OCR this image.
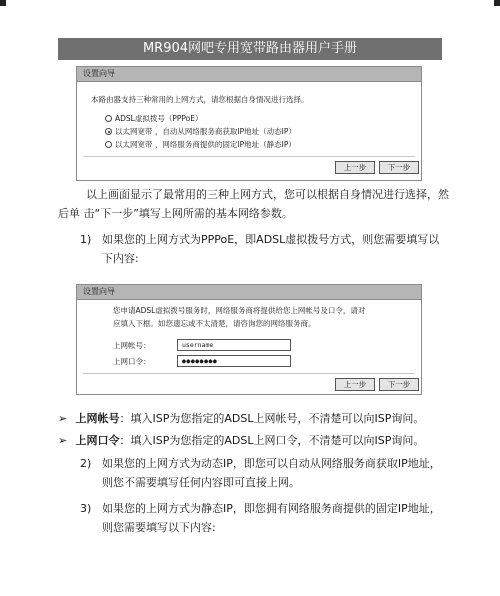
MR904网吧专用宽带路由器用户手册
设置向导
本路由器支持三种常用的上网方式，请您根据自身情况进行选择。
ADSL虚拟拨号（PPPoE）
以太网宽带 ，自动从网络服务商获取IP地址（动态IP）
以太网宽带 ，网络服务商提供的固定IP地址（静态IP）
上一步	下一步
以上画面显示了最常用的三种上网方式，您可以根据自身情况进行选择，然
后单 击“下一步”填写上网所需的基本网络参数。
1) 如果您的上网方式为PPPoE，即ADSL虚拟拨号方式，则您需要填写以
下内容:
设置向导
您申请ADSL虚拟拨号服务时，网络服务商将提供给您上网帐号及口令，请对
应填入下框。如您遗忘或不太清楚，请咨询您的网络服务商。
上网帐号：	username
上网口令：	●●●●●●●●
上一步	下一步
➢ 上网帐号：填入ISP为您指定的ADSL上网帐号，不清楚可以向ISP询问。
➢ 上网口令：填入ISP为您指定的ADSL上网口令，不清楚可以向ISP询问。
2) 如果您的上网方式为动态IP，即您可以自动从网络服务商获取IP地址，
则您不需要填写任何内容即可直接上网。
3) 如果您的上网方式为静态IP，即您拥有网络服务商提供的固定IP地址，
则您需要填写以下内容:
